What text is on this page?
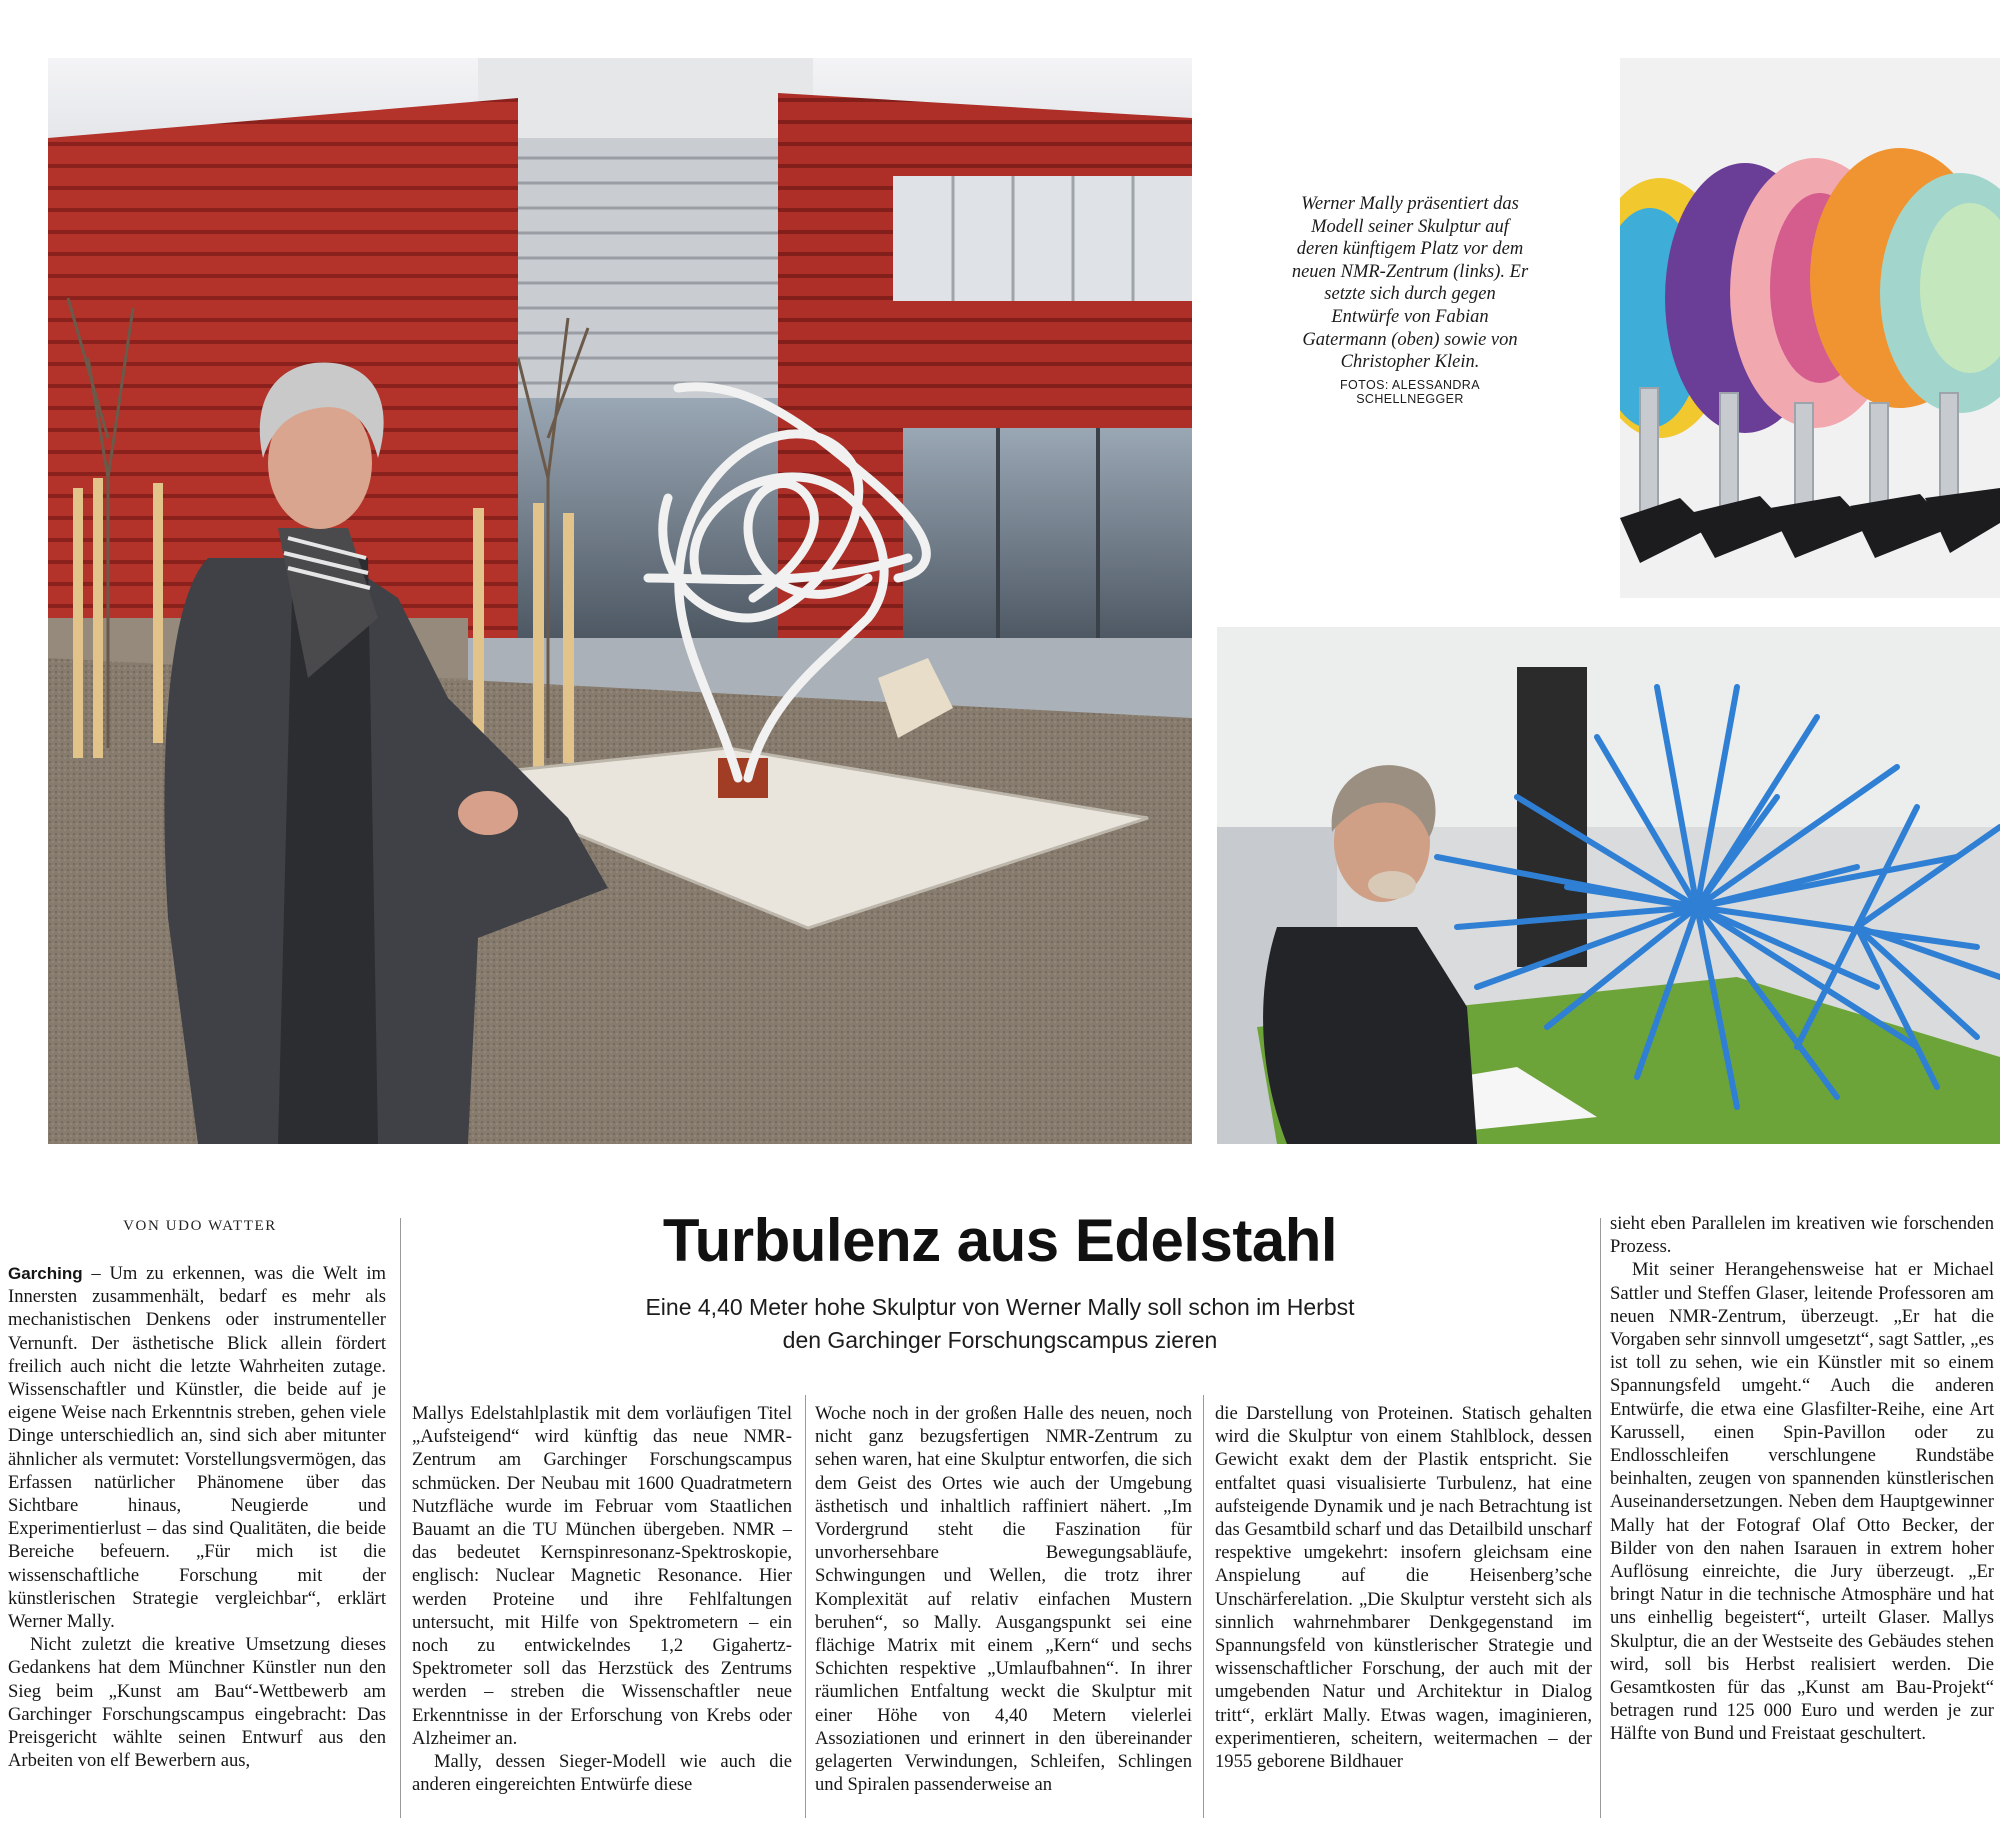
Werner Mally präsentiert das Modell seiner Skulptur auf deren künftigem Platz vor dem neuen NMR-Zentrum (links). Er setzte sich durch gegen Entwürfe von Fabian Gatermann (oben) sowie von Christopher Klein.
FOTOS: ALESSANDRA SCHELLNEGGER
VON UDO WATTER	Turbulenz aus Edelstahl
Eine 4,40 Meter hohe Skulptur von Werner Mally soll schon im Herbst
den Garchinger Forschungscampus zieren

Garching – Um zu erkennen, was die Welt im Innersten zusammenhält, bedarf es mehr als mechanistischen Denkens oder instrumenteller Vernunft. Der ästhetische Blick allein fördert freilich auch nicht die letzte Wahrheiten zutage. Wissenschaftler und Künstler, die beide auf je eigene Weise nach Erkenntnis streben, gehen viele Dinge unterschiedlich an, sind sich aber mitunter ähnlicher als vermutet: Vorstellungsvermögen, das Erfassen natürlicher Phänomene über das Sichtbare hinaus, Neugierde und Experimentierlust – das sind Qualitäten, die beide Bereiche befeuern. „Für mich ist die wissenschaftliche Forschung mit der künstlerischen Strategie vergleichbar“, erklärt Werner Mally.

Nicht zuletzt die kreative Umsetzung dieses Gedankens hat dem Münchner Künstler nun den Sieg beim „Kunst am Bau“-Wettbewerb am Garchinger Forschungscampus eingebracht: Das Preisgericht wählte seinen Entwurf aus den Arbeiten von elf Bewerbern aus,

Mallys Edelstahlplastik mit dem vorläufigen Titel „Aufsteigend“ wird künftig das neue NMR-Zentrum am Garchinger Forschungscampus schmücken. Der Neubau mit 1600 Quadratmetern Nutzfläche wurde im Februar vom Staatlichen Bauamt an die TU München übergeben. NMR – das bedeutet Kernspinresonanz-Spektroskopie, englisch: Nuclear Magnetic Resonance. Hier werden Proteine und ihre Fehlfaltungen untersucht, mit Hilfe von Spektrometern – ein noch zu entwickelndes 1,2 Gigahertz-Spektrometer soll das Herzstück des Zentrums werden – streben die Wissenschaftler neue Erkenntnisse in der Erforschung von Krebs oder Alzheimer an.

Mally, dessen Sieger-Modell wie auch die anderen eingereichten Entwürfe diese

Woche noch in der großen Halle des neuen, noch nicht ganz bezugsfertigen NMR-Zentrum zu sehen waren, hat eine Skulptur entworfen, die sich dem Geist des Ortes wie auch der Umgebung ästhetisch und inhaltlich raffiniert nähert. „Im Vordergrund steht die Faszination für unvorhersehbare Bewegungsabläufe, Schwingungen und Wellen, die trotz ihrer Komplexität auf relativ einfachen Mustern beruhen“, so Mally. Ausgangspunkt sei eine flächige Matrix mit einem „Kern“ und sechs Schichten respektive „Umlaufbahnen“. In ihrer räumlichen Entfaltung weckt die Skulptur mit einer Höhe von 4,40 Metern vielerlei Assoziationen und erinnert in den übereinander gelagerten Verwindungen, Schleifen, Schlingen und Spiralen passenderweise an

die Darstellung von Proteinen. Statisch gehalten wird die Skulptur von einem Stahlblock, dessen Gewicht exakt dem der Plastik entspricht. Sie entfaltet quasi visualisierte Turbulenz, hat eine aufsteigende Dynamik und je nach Betrachtung ist das Gesamtbild scharf und das Detailbild unscharf respektive umgekehrt: insofern gleichsam eine Anspielung auf die Heisenberg’sche Unschärferelation. „Die Skulptur versteht sich als sinnlich wahrnehmbarer Denkgegenstand im Spannungsfeld von künstlerischer Strategie und wissenschaftlicher Forschung, der auch mit der umgebenden Natur und Architektur in Dialog tritt“, erklärt Mally. Etwas wagen, imaginieren, experimentieren, scheitern, weitermachen – der 1955 geborene Bildhauer

sieht eben Parallelen im kreativen wie forschenden Prozess.

Mit seiner Herangehensweise hat er Michael Sattler und Steffen Glaser, leitende Professoren am neuen NMR-Zentrum, überzeugt. „Er hat die Vorgaben sehr sinnvoll umgesetzt“, sagt Sattler, „es ist toll zu sehen, wie ein Künstler mit so einem Spannungsfeld umgeht.“ Auch die anderen Entwürfe, die etwa eine Glasfilter-Reihe, eine Art Karussell, einen Spin-Pavillon oder zu Endlosschleifen verschlungene Rundstäbe beinhalten, zeugen von spannenden künstlerischen Auseinandersetzungen. Neben dem Hauptgewinner Mally hat der Fotograf Olaf Otto Becker, der Bilder von den nahen Isarauen in extrem hoher Auflösung einreichte, die Jury überzeugt. „Er bringt Natur in die technische Atmosphäre und hat uns einhellig begeistert“, urteilt Glaser. Mallys Skulptur, die an der Westseite des Gebäudes stehen wird, soll bis Herbst realisiert werden. Die Gesamtkosten für das „Kunst am Bau-Projekt“ betragen rund 125 000 Euro und werden je zur Hälfte von Bund und Freistaat geschultert.
